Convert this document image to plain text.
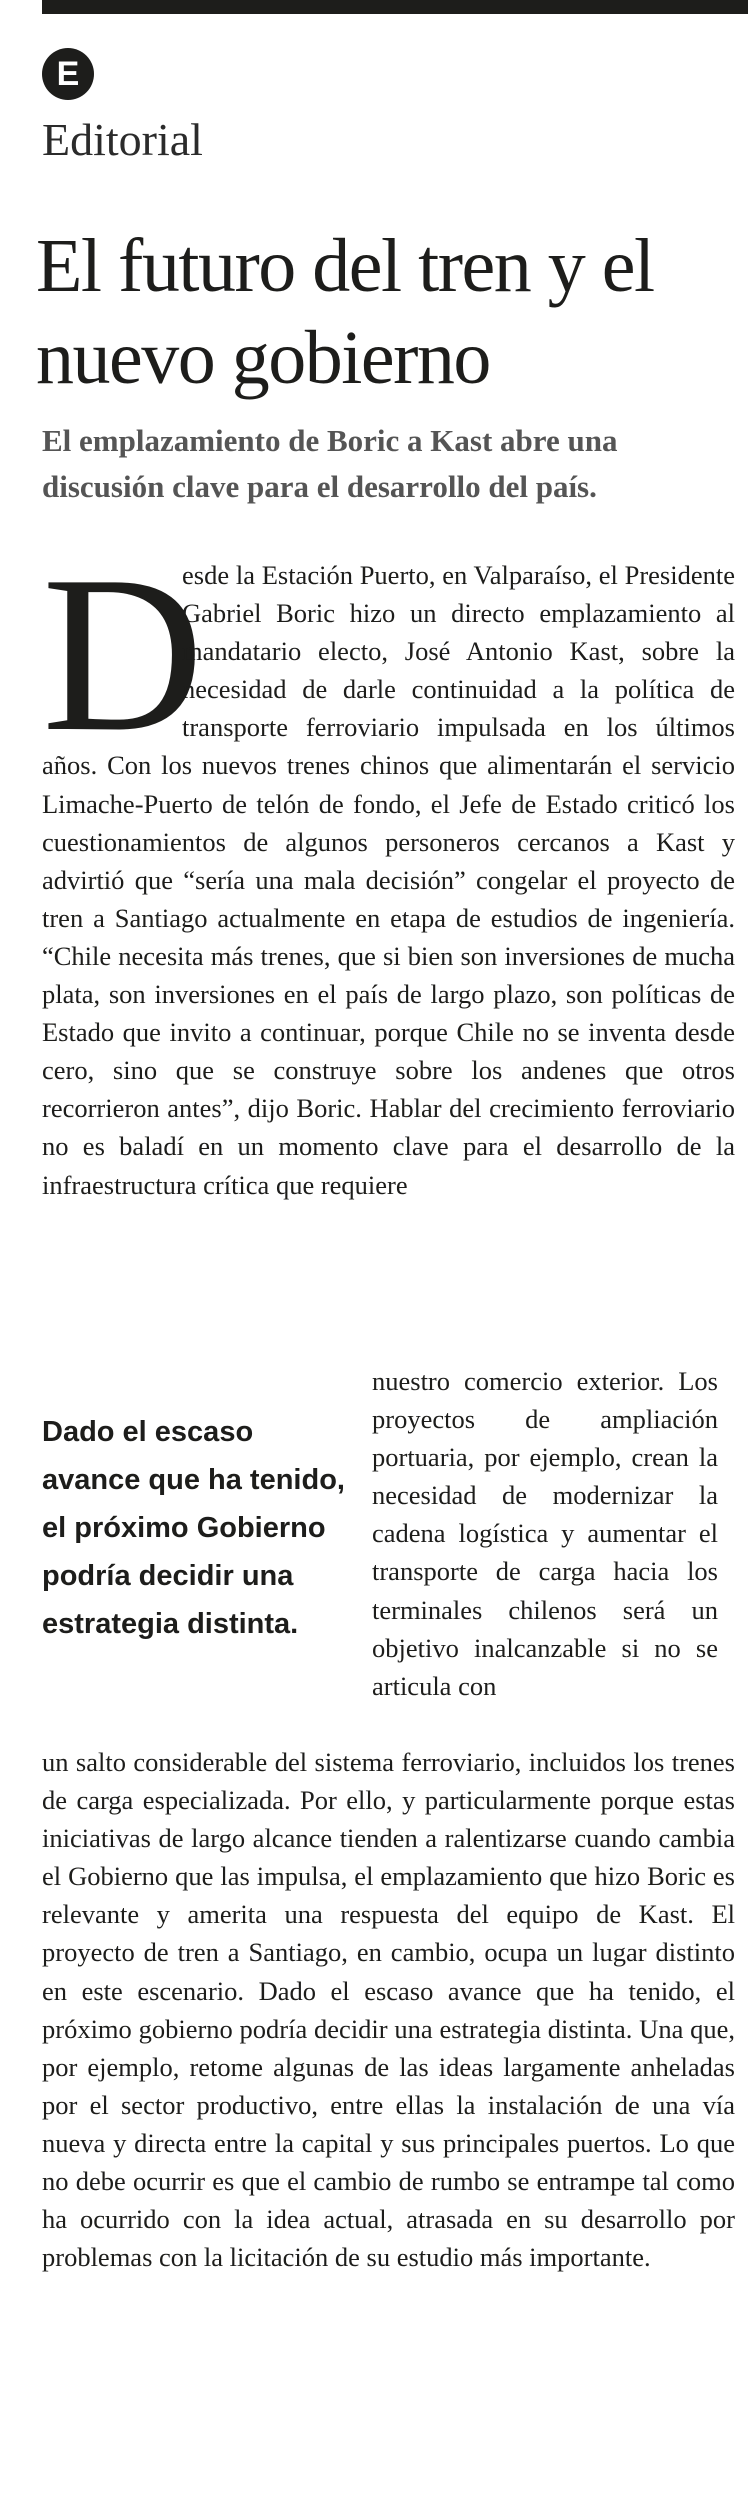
E
Editorial
El futuro del tren y el nuevo gobierno

El emplazamiento de Boric a Kast abre una discusión clave para el desarrollo del país.

D

esde la Estación Puerto, en Valparaíso, el Presidente Gabriel Boric hizo un directo emplazamiento al mandatario electo, José Antonio Kast, sobre la necesidad de darle continuidad a la política de transporte ferroviario impulsada en los últimos años. Con los nuevos trenes chinos que alimentarán el servicio Limache-Puerto de telón de fondo, el Jefe de Estado criticó los cuestionamientos de algunos personeros cercanos a Kast y advirtió que “sería una mala decisión” congelar el proyecto de tren a Santiago actualmente en etapa de estudios de ingeniería. “Chile necesita más trenes, que si bien son inversiones de mucha plata, son inversiones en el país de largo plazo, son políticas de Estado que invito a continuar, porque Chile no se inventa desde cero, sino que se construye sobre los andenes que otros recorrieron antes”, dijo Boric. Hablar del crecimiento ferroviario no es baladí en un momento clave para el desarrollo de la infraestructura crítica que requiere

Dado el escaso avance que ha tenido, el próximo Gobierno podría decidir una estrategia distinta.

nuestro comercio exterior. Los proyectos de ampliación portuaria, por ejemplo, crean la necesidad de modernizar la cadena logística y aumentar el transporte de carga hacia los terminales chilenos será un objetivo inalcanzable si no se articula con

un salto considerable del sistema ferroviario, incluidos los trenes de carga especializada. Por ello, y particularmente porque estas iniciativas de largo alcance tienden a ralentizarse cuando cambia el Gobierno que las impulsa, el emplazamiento que hizo Boric es relevante y amerita una respuesta del equipo de Kast. El proyecto de tren a Santiago, en cambio, ocupa un lugar distinto en este escenario. Dado el escaso avance que ha tenido, el próximo gobierno podría decidir una estrategia distinta. Una que, por ejemplo, retome algunas de las ideas largamente anheladas por el sector productivo, entre ellas la instalación de una vía nueva y directa entre la capital y sus principales puertos. Lo que no debe ocurrir es que el cambio de rumbo se entrampe tal como ha ocurrido con la idea actual, atrasada en su desarrollo por problemas con la licitación de su estudio más importante.
